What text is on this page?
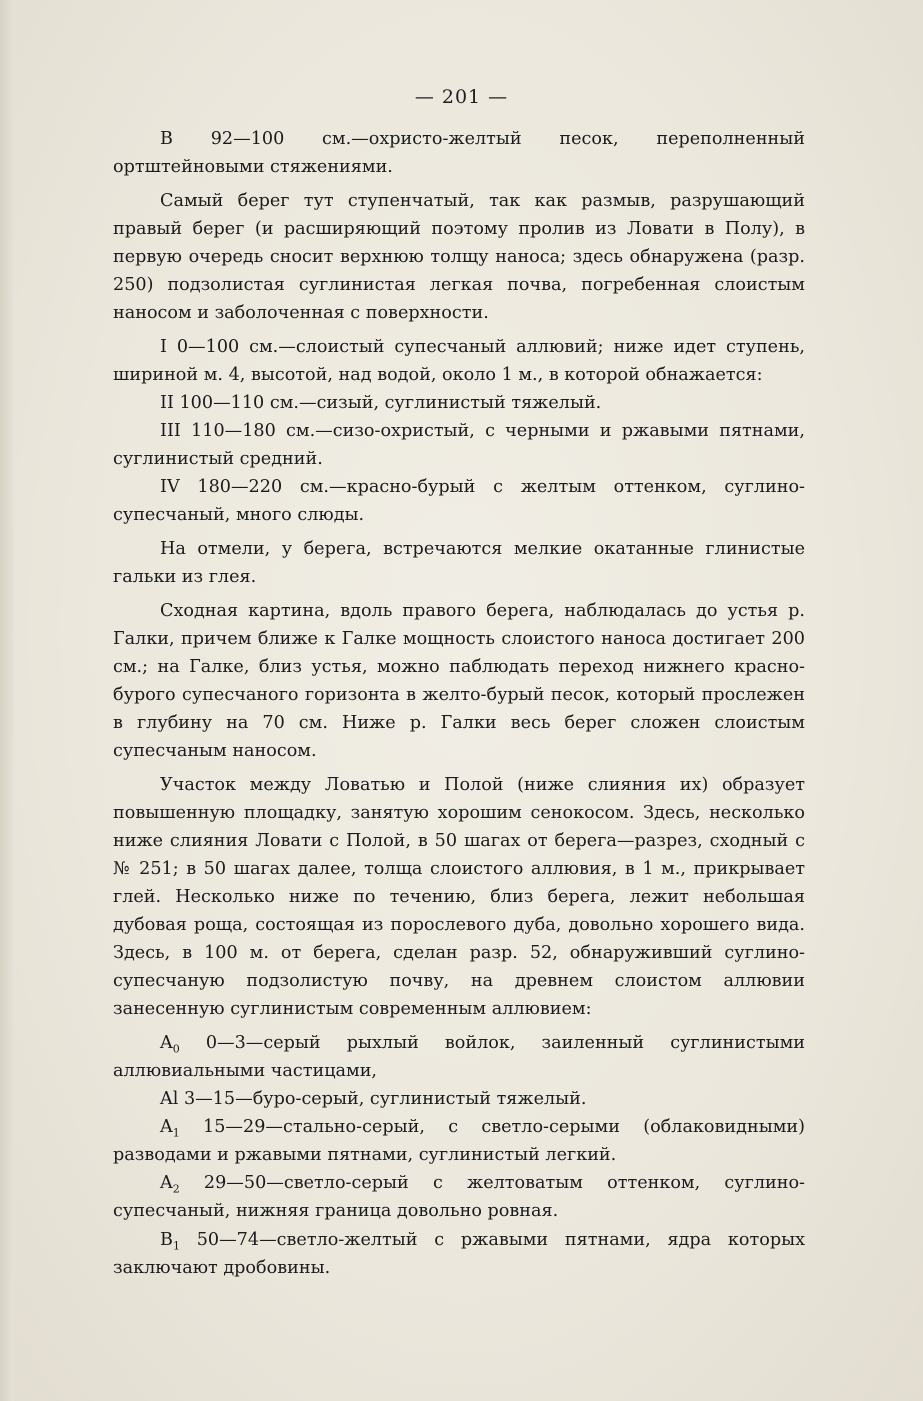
— 201 —

В 92—100 см.—охристо-желтый песок, переполненный ортштейновыми стяжениями.

Самый берег тут ступенчатый, так как размыв, разрушающий правый берег (и расширяющий поэтому пролив из Ловати в Полу), в первую очередь сносит верхнюю толщу наноса; здесь обнаружена (разр. 250) подзолистая суглинистая легкая почва, погребенная слоистым наносом и заболоченная с поверхности.

I 0—100 см.—слоистый супесчаный аллювий; ниже идет ступень, шириной м. 4, высотой, над водой, около 1 м., в которой обнажается:

II 100—110 см.—сизый, суглинистый тяжелый.

III 110—180 см.—сизо-охристый, с черными и ржавыми пятнами, суглинистый средний.

IV 180—220 см.—красно-бурый с желтым оттенком, суглино-супесчаный, много слюды.

На отмели, у берега, встречаются мелкие окатанные глинистые гальки из глея.

Сходная картина, вдоль правого берега, наблюдалась до устья р. Галки, причем ближе к Галке мощность слоистого наноса достигает 200 см.; на Галке, близ устья, можно паблюдать переход нижнего красно-бурого супесчаного горизонта в желто-бурый песок, который прослежен в глубину на 70 см. Ниже р. Галки весь берег сложен слоистым супесчаным наносом.

Участок между Ловатью и Полой (ниже слияния их) образует повышенную площадку, занятую хорошим сенокосом. Здесь, несколько ниже слияния Ловати с Полой, в 50 шагах от берега—разрез, сходный с № 251; в 50 шагах далее, толща слоистого аллювия, в 1 м., прикрывает глей. Несколько ниже по течению, близ берега, лежит небольшая дубовая роща, состоящая из порослевого дуба, довольно хорошего вида. Здесь, в 100 м. от берега, сделан разр. 52, обнаруживший суглино-супесчаную подзолистую почву, на древнем слоистом аллювии занесенную суглинистым современным аллювием:

$A_0$ 0—3—серый рыхлый войлок, заиленный суглинистыми аллювиальными частицами,

Al 3—15—буро-серый, суглинистый тяжелый.

$A_1$ 15—29—стально-серый, с светло-серыми (облаковидными) разводами и ржавыми пятнами, суглинистый легкий.

$A_2$ 29—50—светло-серый с желтоватым оттенком, суглино-супесчаный, нижняя граница довольно ровная.

$B_1$ 50—74—светло-желтый с ржавыми пятнами, ядра которых заключают дробовины.
